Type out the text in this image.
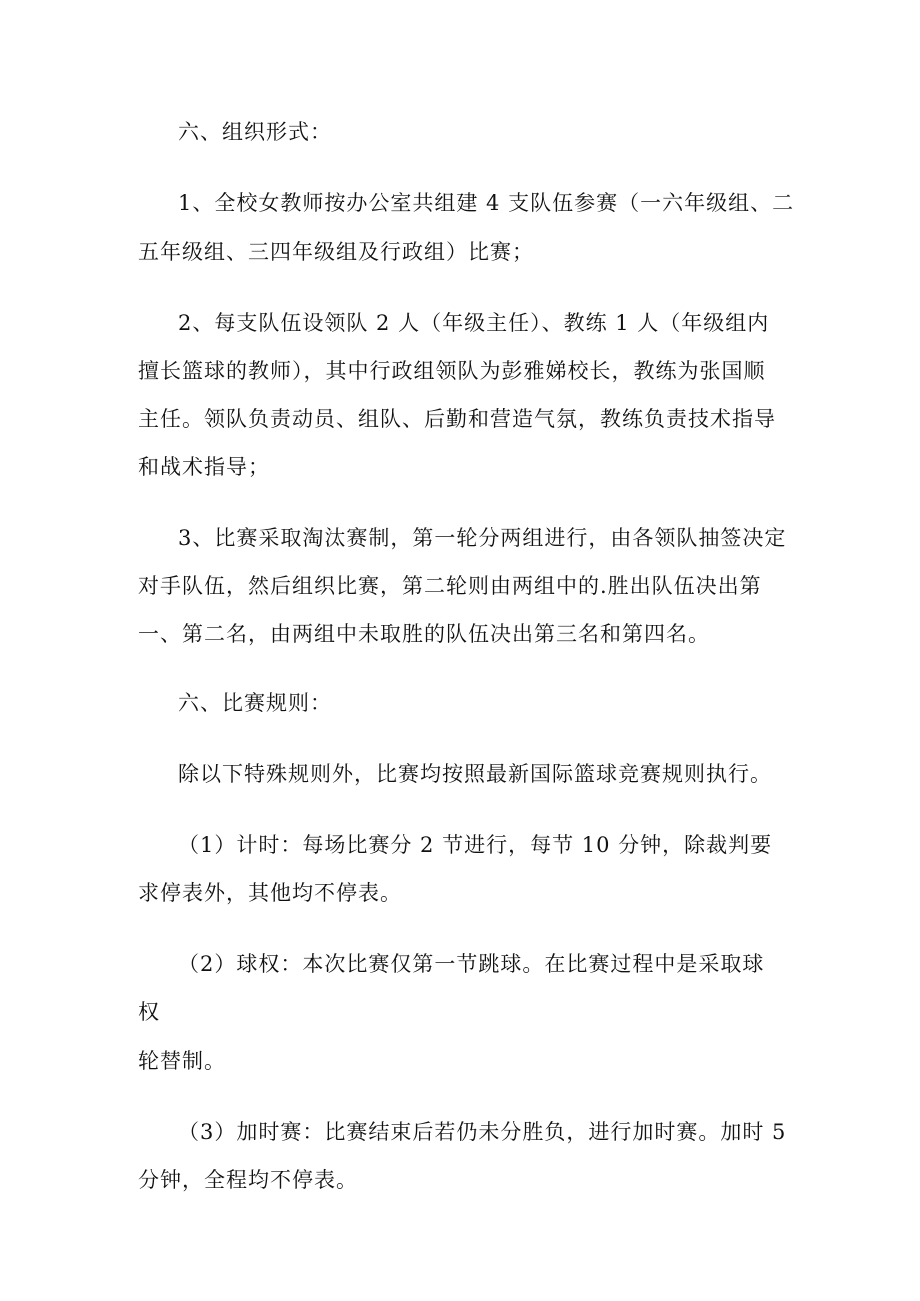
六、组织形式：
1、全校女教师按办公室共组建 4 支队伍参赛（一六年级组、二
五年级组、三四年级组及行政组）比赛；
2、每支队伍设领队 2 人（年级主任）、教练 1 人（年级组内
擅长篮球的教师），其中行政组领队为彭雅娣校长，教练为张国顺
主任。领队负责动员、组队、后勤和营造气氛，教练负责技术指导
和战术指导；
3、比赛采取淘汰赛制，第一轮分两组进行，由各领队抽签决定
对手队伍，然后组织比赛，第二轮则由两组中的.胜出队伍决出第
一、第二名，由两组中未取胜的队伍决出第三名和第四名。
六、比赛规则：
除以下特殊规则外，比赛均按照最新国际篮球竞赛规则执行。
（1）计时：每场比赛分 2 节进行，每节 10 分钟，除裁判要
求停表外，其他均不停表。
（2）球权：本次比赛仅第一节跳球。在比赛过程中是采取球
权
轮替制。
（3）加时赛：比赛结束后若仍未分胜负，进行加时赛。加时 5
分钟，全程均不停表。
